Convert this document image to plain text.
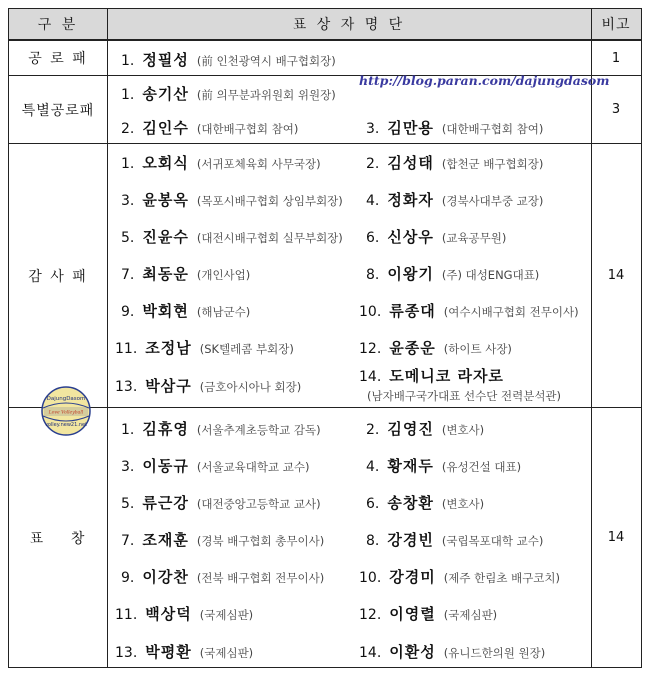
구 분	표 상 자 명 단	비고
공 로 패	1
1. 정필성 (前 인천광역시 배구협회장)
특별공로패	3
1. 송기산 (前 의무분과위원회 위원장)
2. 김인수 (대한배구협회 참여)	3. 김만용 (대한배구협회 참여)
감 사 패	14
1. 오회식 (서귀포체육회 사무국장)	2. 김성태 (합천군 배구협회장)
3. 윤봉옥 (목포시배구협회 상임부회장) 4. 정화자 (경북사대부중 교장)
5. 진윤수 (대전시배구협회 실무부회장) 6. 신상우 (교육공무원)
7. 최동운 (개인사업)	8. 이왕기 (주) 대성ENG대표)
9. 박회현 (해남군수)	10. 류종대 (여수시배구협회 전무이사)
11. 조정남 (SK텔레콤 부회장)	12. 윤종운 (하이트 사장)
13. 박삼구 (금호아시아나 회장)
14. 도메니코 라자로
(남자배구국가대표 선수단 전력분석관)
표    창	14
1. 김휴영 (서울추계초등학교 감독)	2. 김영진 (변호사)
3. 이동규 (서울교육대학교 교수)	4. 황재두 (유성건설 대표)
5. 류근강 (대전중앙고등학교 교사)	6. 송창환 (변호사)
7. 조재훈 (경북 배구협회 총무이사)	8. 강경빈 (국립목포대학 교수)
9. 이강찬 (전북 배구협회 전무이사) 10. 강경미 (제주 한림초 배구코치)
11. 백상덕 (국제심판)	12. 이영렬 (국제심판)
13. 박평환 (국제심판)	14. 이환성 (유니드한의원 원장)
http://blog.paran.com/dajungdasom
DajungDasom
Love Volleyball
volley.new21.net
